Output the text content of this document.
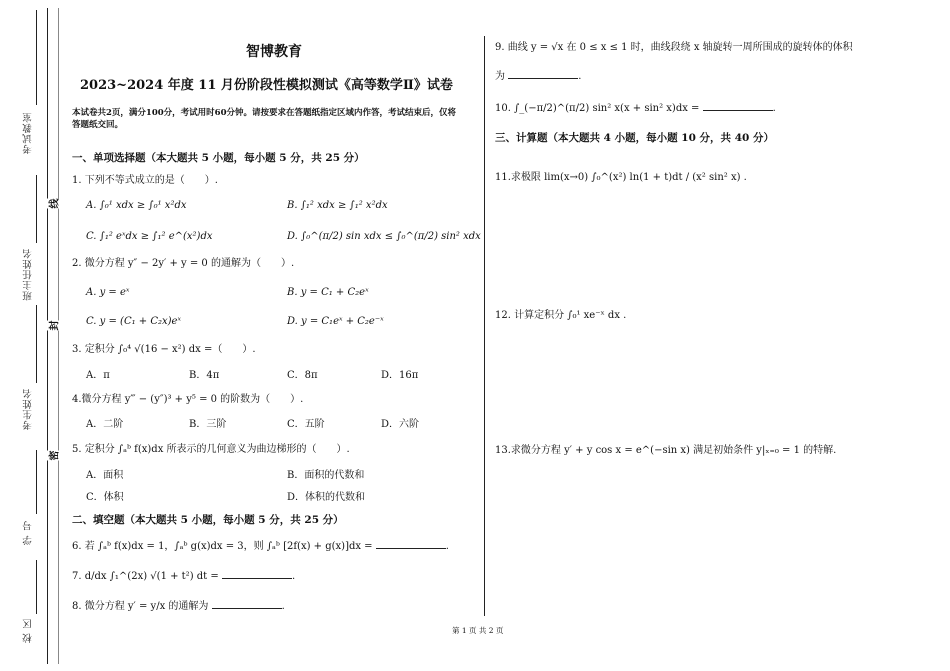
考试教室
班主任姓名
考生姓名
学 号
校 区
线
封
密
智博教育
2023~2024 年度 11 月份阶段性模拟测试《高等数学Ⅱ》试卷
本试卷共2页，满分100分，考试用时60分钟。请按要求在答题纸指定区域内作答，考试结束后，仅将答题纸交回。
一、单项选择题（本大题共 5 小题，每小题 5 分，共 25 分）
1. 下列不等式成立的是（　　）.
A. ∫₀¹ xdx ≥ ∫₀¹ x²dx	B. ∫₁² xdx ≥ ∫₁² x²dx
C. ∫₁² eˣdx ≥ ∫₁² e^(x²)dx	D. ∫₀^(π/2) sin xdx ≤ ∫₀^(π/2) sin² xdx
2. 微分方程 y″ − 2y′ + y = 0 的通解为（　　）.
A. y = eˣ	B. y = C₁ + C₂eˣ
C. y = (C₁ + C₂x)eˣ	D. y = C₁eˣ + C₂e⁻ˣ
3. 定积分 ∫₀⁴ √(16 − x²) dx =（　　）.
A．π	B．4π	C．8π	D．16π
4.微分方程 y‴ − (y″)³ + y⁵ = 0 的阶数为（　　）.
A．二阶	B．三阶	C．五阶	D．六阶
5. 定积分 ∫ₐᵇ f(x)dx 所表示的几何意义为曲边梯形的（　　）.
A．面积	B．面积的代数和
C．体积	D．体积的代数和
二、填空题（本大题共 5 小题，每小题 5 分，共 25 分）
6. 若 ∫ₐᵇ f(x)dx = 1，∫ₐᵇ g(x)dx = 3，则 ∫ₐᵇ [2f(x) + g(x)]dx =	.
7. d/dx ∫₁^(2x) √(1 + t²) dt =	.
8. 微分方程 y′ = y/x 的通解为	.
9. 曲线 y = √x 在 0 ≤ x ≤ 1 时，曲线段绕 x 轴旋转一周所围成的旋转体的体积
为	.
10. ∫_(−π/2)^(π/2) sin² x(x + sin² x)dx =	.
三、计算题（本大题共 4 小题，每小题 10 分，共 40 分）
11.求极限 lim(x→0) ∫₀^(x²) ln(1 + t)dt / (x² sin² x) .
12. 计算定积分 ∫₀¹ xe⁻ˣ dx .
13.求微分方程 y′ + y cos x = e^(−sin x) 满足初始条件 y|ₓ₌₀ = 1 的特解.
第 1 页 共 2 页
